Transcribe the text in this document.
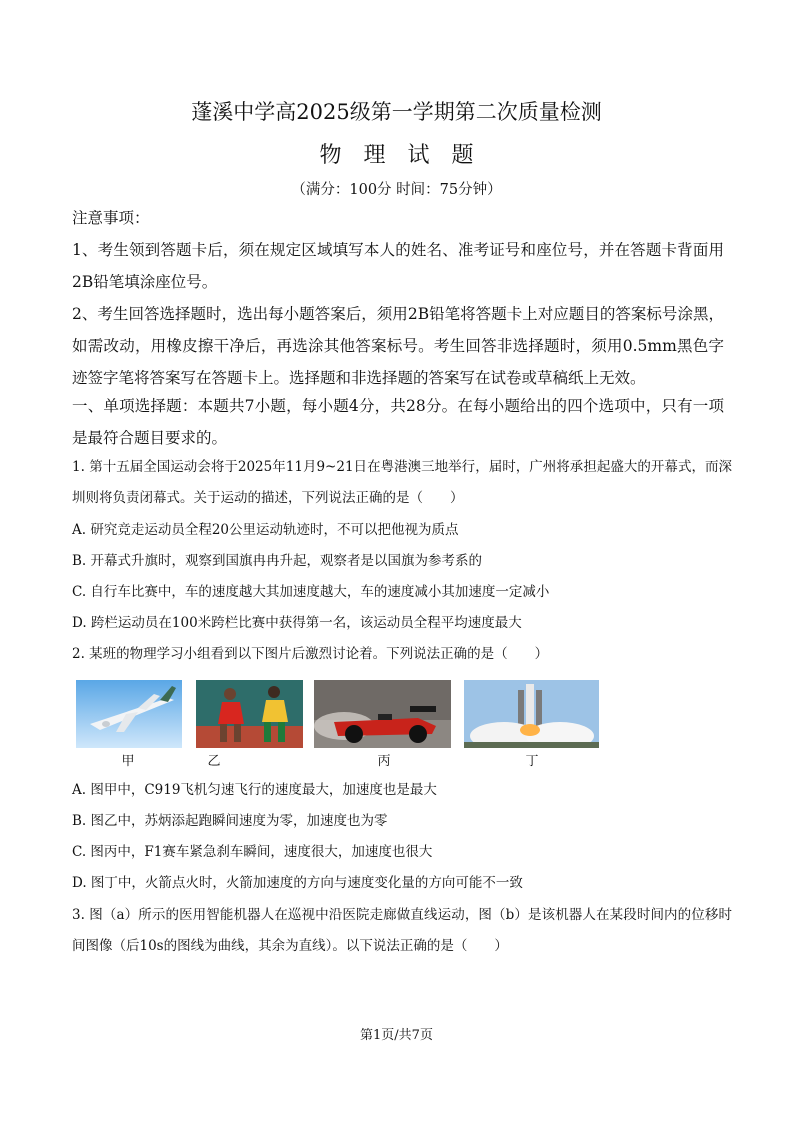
蓬溪中学高2025级第一学期第二次质量检测
物理试题
（满分：100分 时间：75分钟）
注意事项：
1、考生领到答题卡后，须在规定区域填写本人的姓名、准考证号和座位号，并在答题卡背面用2B铅笔填涂座位号。
2、考生回答选择题时，选出每小题答案后，须用2B铅笔将答题卡上对应题目的答案标号涂黑，如需改动，用橡皮擦干净后，再选涂其他答案标号。考生回答非选择题时，须用0.5mm黑色字迹签字笔将答案写在答题卡上。选择题和非选择题的答案写在试卷或草稿纸上无效。
一、单项选择题：本题共7小题，每小题4分，共28分。在每小题给出的四个选项中，只有一项是最符合题目要求的。
1. 第十五届全国运动会将于2025年11月9~21日在粤港澳三地举行，届时，广州将承担起盛大的开幕式，而深圳则将负责闭幕式。关于运动的描述，下列说法正确的是（　　）
A. 研究竞走运动员全程20公里运动轨迹时，不可以把他视为质点
B. 开幕式升旗时，观察到国旗冉冉升起，观察者是以国旗为参考系的
C. 自行车比赛中，车的速度越大其加速度越大，车的速度减小其加速度一定减小
D. 跨栏运动员在100米跨栏比赛中获得第一名，该运动员全程平均速度最大
2. 某班的物理学习小组看到以下图片后激烈讨论着。下列说法正确的是（　　）
甲	乙	丙	丁
A. 图甲中，C919飞机匀速飞行的速度最大，加速度也是最大
B. 图乙中，苏炳添起跑瞬间速度为零，加速度也为零
C. 图丙中，F1赛车紧急刹车瞬间，速度很大，加速度也很大
D. 图丁中，火箭点火时，火箭加速度的方向与速度变化量的方向可能不一致
3. 图（a）所示的医用智能机器人在巡视中沿医院走廊做直线运动，图（b）是该机器人在某段时间内的位移时间图像（后10s的图线为曲线，其余为直线）。以下说法正确的是（　　）
第1页/共7页
